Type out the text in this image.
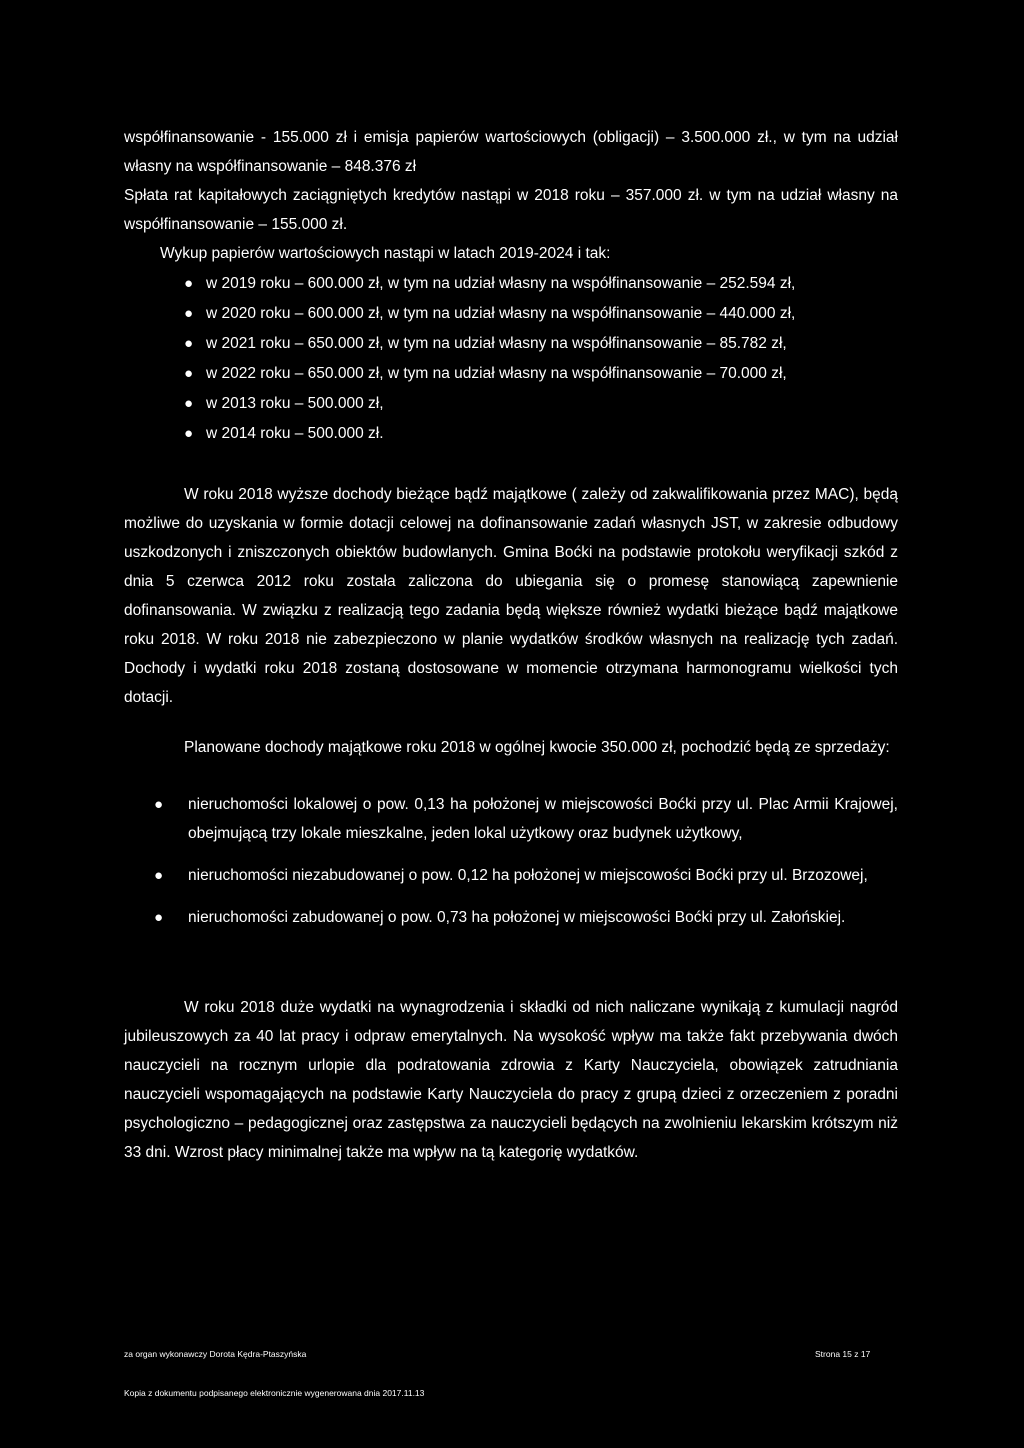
współfinansowanie - 155.000 zł i emisja papierów wartościowych (obligacji) – 3.500.000 zł., w tym na udział własny na współfinansowanie – 848.376 zł

Spłata rat kapitałowych zaciągniętych kredytów nastąpi w 2018 roku – 357.000 zł. w tym na udział własny na współfinansowanie – 155.000 zł.

Wykup papierów wartościowych nastąpi w latach 2019-2024 i tak:

● w 2019 roku – 600.000 zł, w tym na udział własny na współfinansowanie – 252.594 zł,
● w 2020 roku – 600.000 zł, w tym na udział własny na współfinansowanie – 440.000 zł,
● w 2021 roku – 650.000 zł, w tym na udział własny na współfinansowanie – 85.782 zł,
● w 2022 roku – 650.000 zł, w tym na udział własny na współfinansowanie – 70.000 zł,
● w 2013 roku – 500.000 zł,
● w 2014 roku – 500.000 zł.

W roku 2018 wyższe dochody bieżące bądź majątkowe ( zależy od zakwalifikowania przez MAC), będą możliwe do uzyskania w formie dotacji celowej na dofinansowanie zadań własnych JST, w zakresie odbudowy uszkodzonych i zniszczonych obiektów budowlanych. Gmina Boćki na podstawie protokołu weryfikacji szkód z dnia 5 czerwca 2012 roku została zaliczona do ubiegania się o promesę stanowiącą zapewnienie dofinansowania. W związku z realizacją tego zadania będą większe również wydatki bieżące bądź majątkowe roku 2018. W roku 2018 nie zabezpieczono w planie wydatków środków własnych na realizację tych zadań. Dochody i wydatki roku 2018 zostaną dostosowane w momencie otrzymana harmonogramu wielkości tych dotacji.

Planowane dochody majątkowe roku 2018 w ogólnej kwocie 350.000 zł, pochodzić będą ze sprzedaży:

● nieruchomości lokalowej o pow. 0,13 ha położonej w miejscowości Boćki przy ul. Plac Armii Krajowej, obejmującą trzy lokale mieszkalne, jeden lokal użytkowy oraz budynek użytkowy,
● nieruchomości niezabudowanej o pow. 0,12 ha położonej w miejscowości Boćki przy ul. Brzozowej,
● nieruchomości zabudowanej o pow. 0,73 ha położonej w miejscowości Boćki przy ul. Załońskiej.

W roku 2018 duże wydatki na wynagrodzenia i składki od nich naliczane wynikają z kumulacji nagród jubileuszowych za 40 lat pracy i odpraw emerytalnych. Na wysokość wpływ ma także fakt przebywania dwóch nauczycieli na rocznym urlopie dla podratowania zdrowia z Karty Nauczyciela, obowiązek zatrudniania nauczycieli wspomagających na podstawie Karty Nauczyciela do pracy z grupą dzieci z orzeczeniem z poradni psychologiczno – pedagogicznej oraz zastępstwa za nauczycieli będących na zwolnieniu lekarskim krótszym niż 33 dni. Wzrost płacy minimalnej także ma wpływ na tą kategorię wydatków.

za organ wykonawczy Dorota Kędra-Ptaszyńska	Strona 15 z 17
Kopia z dokumentu podpisanego elektronicznie wygenerowana dnia 2017.11.13
